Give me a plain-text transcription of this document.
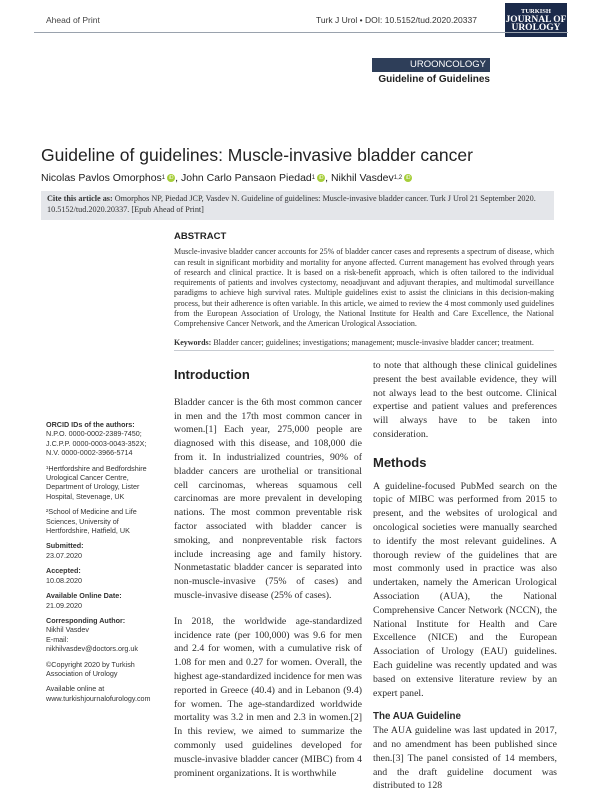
Ahead of Print	Turk J Urol • DOI: 10.5152/tud.2020.20337
TURKISH
JOURNAL OF
UROLOGY
UROONCOLOGY
Guideline of Guidelines
Guideline of guidelines: Muscle-invasive bladder cancer
Nicolas Pavlos Omorphos 1 iD , John Carlo Pansaon Piedad 1 iD , Nikhil Vasdev 1,2 iD
Cite this article as: Omorphos NP, Piedad JCP, Vasdev N. Guideline of guidelines: Muscle-invasive bladder cancer. Turk J Urol 21 September 2020. 10.5152/tud.2020.20337. [Epub Ahead of Print]
ABSTRACT
Muscle-invasive bladder cancer accounts for 25% of bladder cancer cases and represents a spectrum of disease, which can result in significant morbidity and mortality for anyone affected. Current management has evolved through years of research and clinical practice. It is based on a risk-benefit approach, which is often tailored to the individual requirements of patients and involves cystectomy, neoadjuvant and adjuvant therapies, and multimodal surveillance paradigms to achieve high survival rates. Multiple guidelines exist to assist the clinicians in this decision-making process, but their adherence is often variable. In this article, we aimed to review the 4 most commonly used guidelines from the European Association of Urology, the National Institute for Health and Care Excellence, the National Comprehensive Cancer Network, and the American Urological Association.
Keywords: Bladder cancer; guidelines; investigations; management; muscle-invasive bladder cancer; treatment.
ORCID IDs of the authors:
N.P.O. 0000-0002-2389-7450;
J.C.P.P. 0000-0003-0043-352X;
N.V. 0000-0002-3966-5714
¹Hertfordshire and Bedfordshire Urological Cancer Centre, Department of Urology, Lister Hospital, Stevenage, UK
²School of Medicine and Life Sciences, University of Hertfordshire, Hatfield, UK
Submitted:
23.07.2020
Accepted:
10.08.2020
Available Online Date:
21.09.2020
Corresponding Author:
Nikhil Vasdev
E-mail:
nikhilvasdev@doctors.org.uk
©Copyright 2020 by Turkish Association of Urology
Available online at
www.turkishjournalofurology.com
Introduction

Bladder cancer is the 6th most common cancer in men and the 17th most common cancer in women.[1] Each year, 275,000 people are diagnosed with this disease, and 108,000 die from it. In industrialized countries, 90% of bladder cancers are urothelial or transitional cell carcinomas, whereas squamous cell carcinomas are more prevalent in developing nations. The most common preventable risk factor associated with bladder cancer is smoking, and nonpreventable risk factors include increasing age and family history. Nonmetastatic bladder cancer is separated into non-muscle-invasive (75% of cases) and muscle-invasive disease (25% of cases).

In 2018, the worldwide age-standardized incidence rate (per 100,000) was 9.6 for men and 2.4 for women, with a cumulative risk of 1.08 for men and 0.27 for women. Overall, the highest age-standardized incidence for men was reported in Greece (40.4) and in Lebanon (9.4) for women. The age-standardized worldwide mortality was 3.2 in men and 2.3 in women.[2] In this review, we aimed to summarize the commonly used guidelines developed for muscle-invasive bladder cancer (MIBC) from 4 prominent organizations. It is worthwhile

to note that although these clinical guidelines present the best available evidence, they will not always lead to the best outcome. Clinical expertise and patient values and preferences will always have to be taken into consideration.

Methods

A guideline-focused PubMed search on the topic of MIBC was performed from 2015 to present, and the websites of urological and oncological societies were manually searched to identify the most relevant guidelines. A thorough review of the guidelines that are most commonly used in practice was also undertaken, namely the American Urological Association (AUA), the National Comprehensive Cancer Network (NCCN), the National Institute for Health and Care Excellence (NICE) and the European Association of Urology (EAU) guidelines. Each guideline was recently updated and was based on extensive literature review by an expert panel.

The AUA Guideline

The AUA guideline was last updated in 2017, and no amendment has been published since then.[3] The panel consisted of 14 members, and the draft guideline document was distributed to 128
